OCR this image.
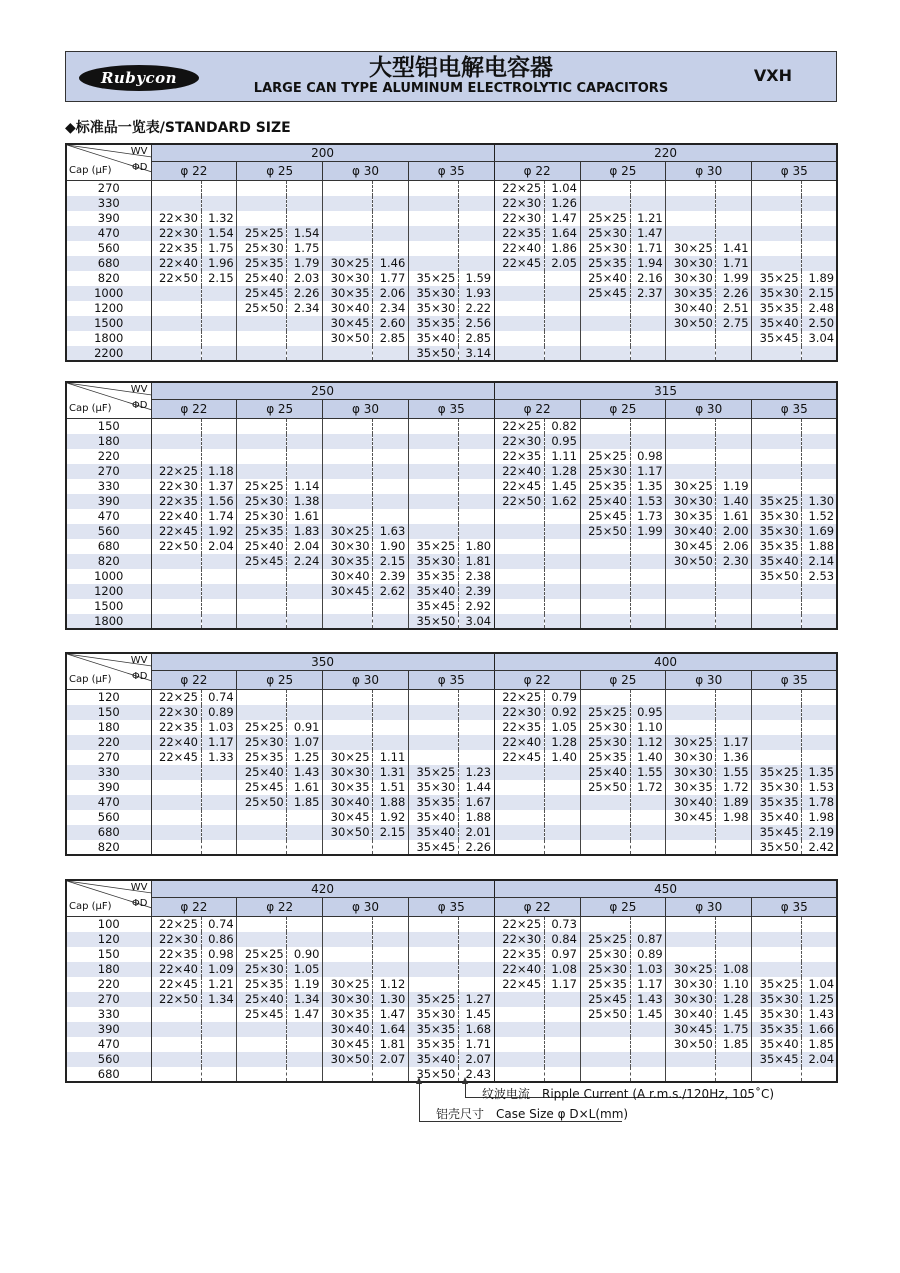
Rubycon	大型铝电解电容器
LARGE CAN TYPE ALUMINUM ELECTROLYTIC CAPACITORS
VXH
◆标准品一览表/STANDARD SIZE
WV
ΦD
Cap (μF)	200								220							
	φ 22		φ 25		φ 30		φ 35		φ 22		φ 25		φ 30		φ 35	
270									22×25	1.04						
330									22×30	1.26						
390	22×30	1.32							22×30	1.47	25×25	1.21				
470	22×30	1.54	25×25	1.54					22×35	1.64	25×30	1.47				
560	22×35	1.75	25×30	1.75					22×40	1.86	25×30	1.71	30×25	1.41		
680	22×40	1.96	25×35	1.79	30×25	1.46			22×45	2.05	25×35	1.94	30×30	1.71		
820	22×50	2.15	25×40	2.03	30×30	1.77	35×25	1.59			25×40	2.16	30×30	1.99	35×25	1.89
1000			25×45	2.26	30×35	2.06	35×30	1.93			25×45	2.37	30×35	2.26	35×30	2.15
1200			25×50	2.34	30×40	2.34	35×30	2.22					30×40	2.51	35×35	2.48
1500					30×45	2.60	35×35	2.56					30×50	2.75	35×40	2.50
1800					30×50	2.85	35×40	2.85							35×45	3.04
2200							35×50	3.14								
WV
ΦD
Cap (μF)	250								315							
	φ 22		φ 25		φ 30		φ 35		φ 22		φ 25		φ 30		φ 35	
150									22×25	0.82						
180									22×30	0.95						
220									22×35	1.11	25×25	0.98				
270	22×25	1.18							22×40	1.28	25×30	1.17				
330	22×30	1.37	25×25	1.14					22×45	1.45	25×35	1.35	30×25	1.19		
390	22×35	1.56	25×30	1.38					22×50	1.62	25×40	1.53	30×30	1.40	35×25	1.30
470	22×40	1.74	25×30	1.61							25×45	1.73	30×35	1.61	35×30	1.52
560	22×45	1.92	25×35	1.83	30×25	1.63					25×50	1.99	30×40	2.00	35×30	1.69
680	22×50	2.04	25×40	2.04	30×30	1.90	35×25	1.80					30×45	2.06	35×35	1.88
820			25×45	2.24	30×35	2.15	35×30	1.81					30×50	2.30	35×40	2.14
1000					30×40	2.39	35×35	2.38							35×50	2.53
1200					30×45	2.62	35×40	2.39								
1500							35×45	2.92								
1800							35×50	3.04								
WV
ΦD
Cap (μF)	350								400							
	φ 22		φ 25		φ 30		φ 35		φ 22		φ 25		φ 30		φ 35	
120	22×25	0.74							22×25	0.79						
150	22×30	0.89							22×30	0.92	25×25	0.95				
180	22×35	1.03	25×25	0.91					22×35	1.05	25×30	1.10				
220	22×40	1.17	25×30	1.07					22×40	1.28	25×30	1.12	30×25	1.17		
270	22×45	1.33	25×35	1.25	30×25	1.11			22×45	1.40	25×35	1.40	30×30	1.36		
330			25×40	1.43	30×30	1.31	35×25	1.23			25×40	1.55	30×30	1.55	35×25	1.35
390			25×45	1.61	30×35	1.51	35×30	1.44			25×50	1.72	30×35	1.72	35×30	1.53
470			25×50	1.85	30×40	1.88	35×35	1.67					30×40	1.89	35×35	1.78
560					30×45	1.92	35×40	1.88					30×45	1.98	35×40	1.98
680					30×50	2.15	35×40	2.01							35×45	2.19
820							35×45	2.26							35×50	2.42
WV
ΦD
Cap (μF)	420								450							
	φ 22		φ 22		φ 30		φ 35		φ 22		φ 25		φ 30		φ 35	
100	22×25	0.74							22×25	0.73						
120	22×30	0.86							22×30	0.84	25×25	0.87				
150	22×35	0.98	25×25	0.90					22×35	0.97	25×30	0.89				
180	22×40	1.09	25×30	1.05					22×40	1.08	25×30	1.03	30×25	1.08		
220	22×45	1.21	25×35	1.19	30×25	1.12			22×45	1.17	25×35	1.17	30×30	1.10	35×25	1.04
270	22×50	1.34	25×40	1.34	30×30	1.30	35×25	1.27			25×45	1.43	30×30	1.28	35×30	1.25
330			25×45	1.47	30×35	1.47	35×30	1.45			25×50	1.45	30×40	1.45	35×30	1.43
390					30×40	1.64	35×35	1.68					30×45	1.75	35×35	1.66
470					30×45	1.81	35×35	1.71					30×50	1.85	35×40	1.85
560					30×50	2.07	35×40	2.07							35×45	2.04
680							35×50	2.43								
纹波电流　Ripple Current (A r.m.s./120Hz, 105˚C)
铝壳尺寸　Case Size φ D×L(mm)
